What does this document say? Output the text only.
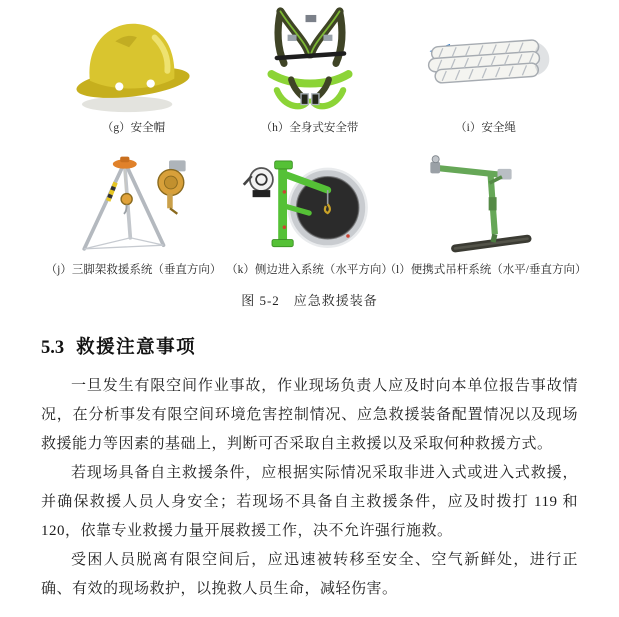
（g）安全帽	（h）全身式安全带	（i）安全绳
（j）三脚架救援系统（垂直方向） （k）侧边进入系统（水平方向）
（l）便携式吊杆系统（水平/垂直方向）
图 5-2　应急救援装备
5.3 救援注意事项

一旦发生有限空间作业事故，作业现场负责人应及时向本单位报告事故情况，在分析事发有限空间环境危害控制情况、应急救援装备配置情况以及现场救援能力等因素的基础上，判断可否采取自主救援以及采取何种救援方式。

若现场具备自主救援条件，应根据实际情况采取非进入式或进入式救援，并确保救援人员人身安全；若现场不具备自主救援条件，应及时拨打 119 和 120，依靠专业救援力量开展救援工作，决不允许强行施救。

受困人员脱离有限空间后，应迅速被转移至安全、空气新鲜处，进行正确、有效的现场救护，以挽救人员生命，减轻伤害。
